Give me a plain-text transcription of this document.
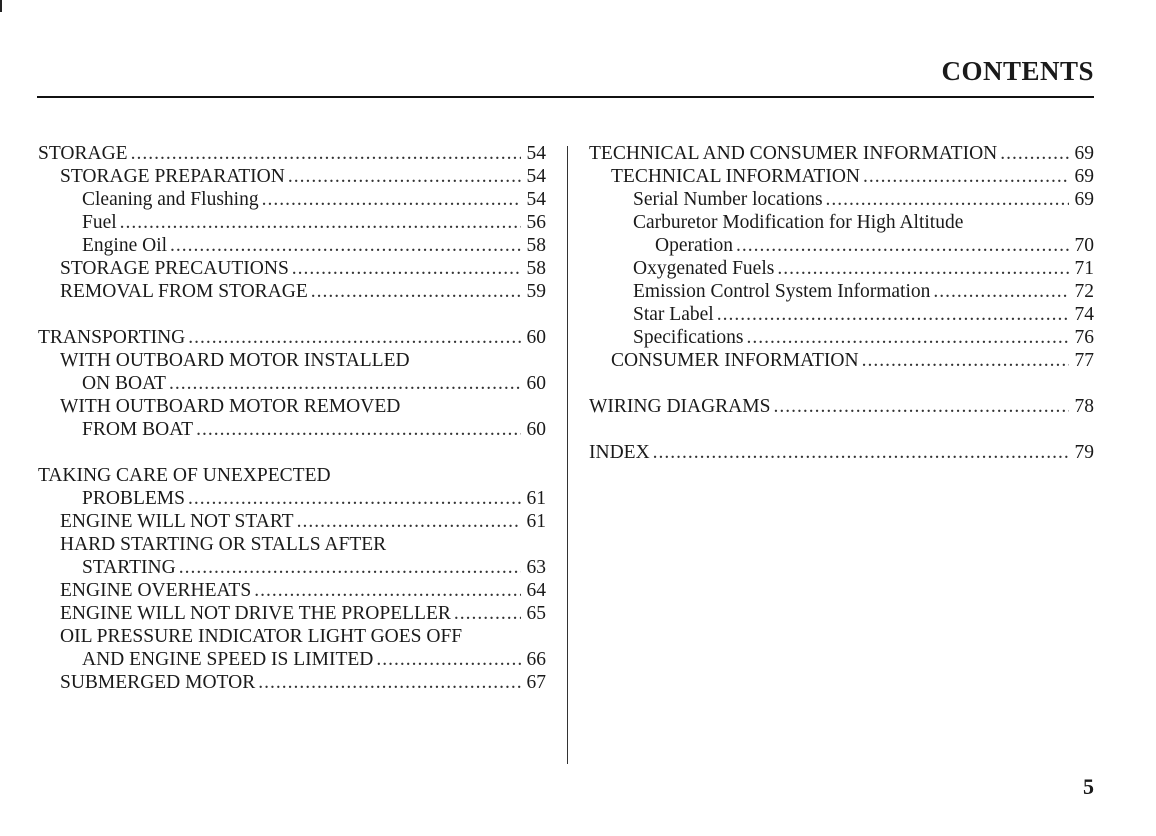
CONTENTS
STORAGE .....	54
STORAGE PREPARATION .....	54
Cleaning and Flushing .....	54
Fuel .....	56
Engine Oil .....	58
STORAGE PRECAUTIONS .....	58
REMOVAL FROM STORAGE .....	59
TRANSPORTING .....	60
WITH OUTBOARD MOTOR INSTALLED
ON BOAT .....	60
WITH OUTBOARD MOTOR REMOVED
FROM BOAT .....	60
TAKING CARE OF UNEXPECTED
PROBLEMS .....	61
ENGINE WILL NOT START .....	61
HARD STARTING OR STALLS AFTER
STARTING .....	63
ENGINE OVERHEATS .....	64
ENGINE WILL NOT DRIVE THE PROPELLER .....	65
OIL PRESSURE INDICATOR LIGHT GOES OFF
AND ENGINE SPEED IS LIMITED .....	66
SUBMERGED MOTOR .....	67
TECHNICAL AND CONSUMER INFORMATION .....	69
TECHNICAL INFORMATION .....	69
Serial Number locations .....	69
Carburetor Modification for High Altitude
Operation .....	70
Oxygenated Fuels .....	71
Emission Control System Information .....	72
Star Label .....	74
Specifications .....	76
CONSUMER INFORMATION .....	77
WIRING DIAGRAMS .....	78
INDEX .....	79
5
